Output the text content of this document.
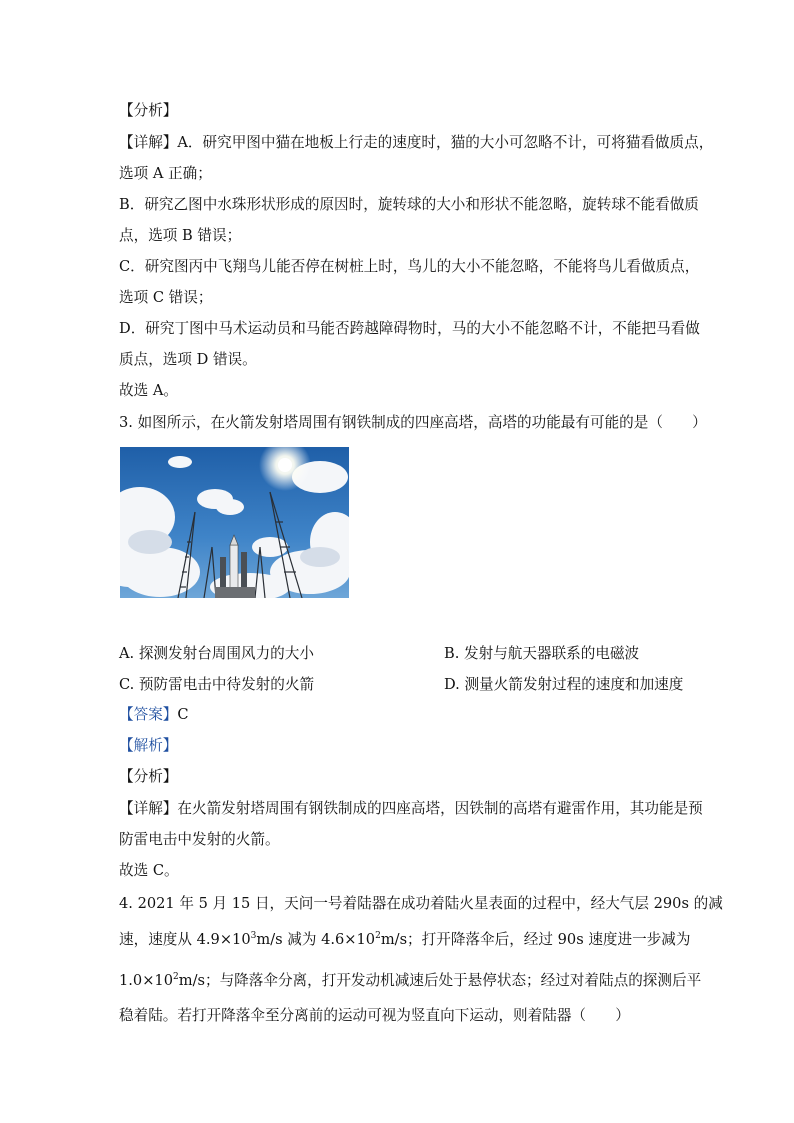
【分析】
【详解】A．研究甲图中猫在地板上行走的速度时，猫的大小可忽略不计，可将猫看做质点，
选项 A 正确；
B．研究乙图中水珠形状形成的原因时，旋转球的大小和形状不能忽略，旋转球不能看做质
点，选项 B 错误；
C．研究图丙中飞翔鸟儿能否停在树桩上时，鸟儿的大小不能忽略，不能将鸟儿看做质点，
选项 C 错误；
D．研究丁图中马术运动员和马能否跨越障碍物时，马的大小不能忽略不计，不能把马看做
质点，选项 D 错误。
故选 A。
3. 如图所示，在火箭发射塔周围有钢铁制成的四座高塔，高塔的功能最有可能的是（　　）
A. 探测发射台周围风力的大小	B. 发射与航天器联系的电磁波
C. 预防雷电击中待发射的火箭	D. 测量火箭发射过程的速度和加速度
【答案】C
【解析】
【分析】
【详解】在火箭发射塔周围有钢铁制成的四座高塔，因铁制的高塔有避雷作用，其功能是预
防雷电击中发射的火箭。
故选 C。
4. 2021 年 5 月 15 日，天问一号着陆器在成功着陆火星表面的过程中，经大气层 290s 的减
速，速度从 $4.9\times 10^3m/s$ 减为 $4.6\times 10^2m/s$；打开降落伞后，经过 90s 速度进一步减为
$1.0\times 10^2m/s$；与降落伞分离，打开发动机减速后处于悬停状态；经过对着陆点的探测后平
稳着陆。若打开降落伞至分离前的运动可视为竖直向下运动，则着陆器（　　）
